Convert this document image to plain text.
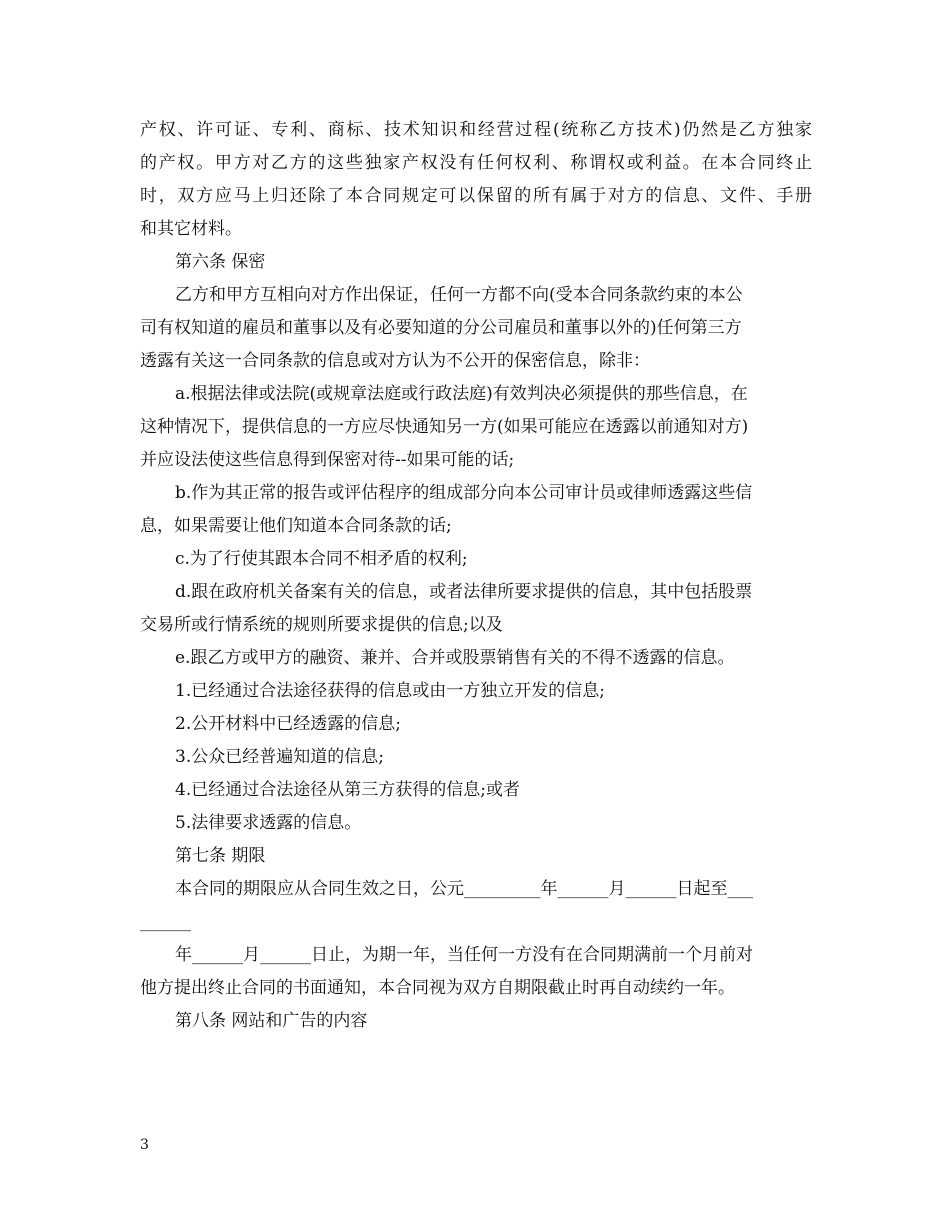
产权、许可证、专利、商标、技术知识和经营过程(统称乙方技术)仍然是乙方独家
的产权。甲方对乙方的这些独家产权没有任何权利、称谓权或利益。在本合同终止
时，双方应马上归还除了本合同规定可以保留的所有属于对方的信息、文件、手册
和其它材料。
第六条 保密
乙方和甲方互相向对方作出保证，任何一方都不向(受本合同条款约束的本公
司有权知道的雇员和董事以及有必要知道的分公司雇员和董事以外的)任何第三方
透露有关这一合同条款的信息或对方认为不公开的保密信息，除非：
a.根据法律或法院(或规章法庭或行政法庭)有效判决必须提供的那些信息，在
这种情况下，提供信息的一方应尽快通知另一方(如果可能应在透露以前通知对方)
并应设法使这些信息得到保密对待--如果可能的话;
b.作为其正常的报告或评估程序的组成部分向本公司审计员或律师透露这些信
息，如果需要让他们知道本合同条款的话;
c.为了行使其跟本合同不相矛盾的权利;
d.跟在政府机关备案有关的信息，或者法律所要求提供的信息，其中包括股票
交易所或行情系统的规则所要求提供的信息;以及
e.跟乙方或甲方的融资、兼并、合并或股票销售有关的不得不透露的信息。
1.已经通过合法途径获得的信息或由一方独立开发的信息;
2.公开材料中已经透露的信息;
3.公众已经普遍知道的信息;
4.已经通过合法途径从第三方获得的信息;或者
5.法律要求透露的信息。
第七条 期限
本合同的期限应从合同生效之日，公元_________年______月______日起至___
______
年______月______日止，为期一年，当任何一方没有在合同期满前一个月前对
他方提出终止合同的书面通知，本合同视为双方自期限截止时再自动续约一年。
第八条 网站和广告的内容
3
